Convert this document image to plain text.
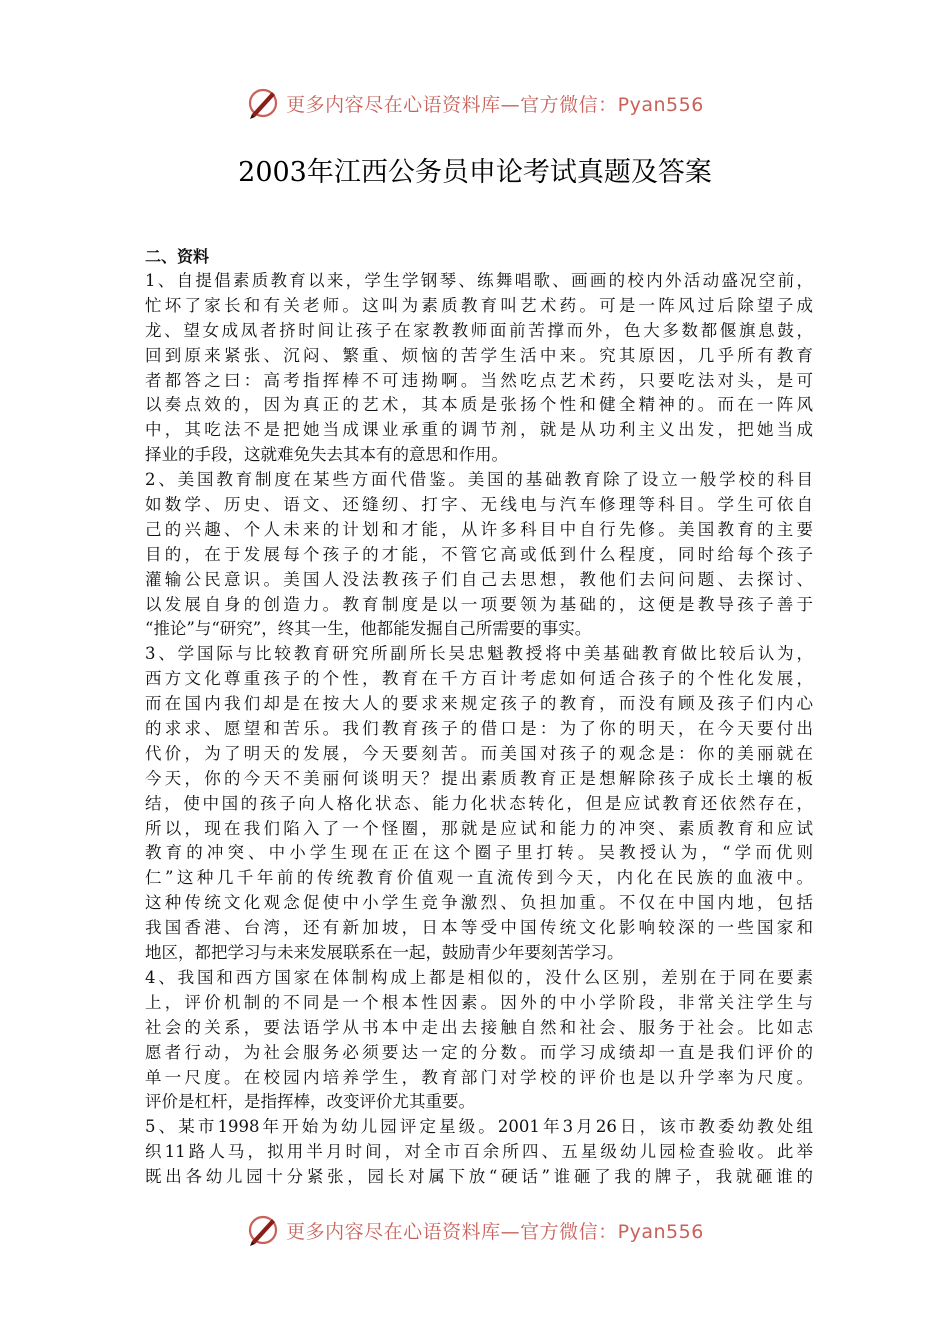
更多内容尽在心语资料库—官方微信：Pyan556
2003年江西公务员申论考试真题及答案
二、资料
1、自提倡素质教育以来，学生学钢琴、练舞唱歌、画画的校内外活动盛况空前，
忙坏了家长和有关老师。这叫为素质教育叫艺术药。可是一阵风过后除望子成
龙、望女成凤者挤时间让孩子在家教教师面前苦撑而外，色大多数都偃旗息鼓，
回到原来紧张、沉闷、繁重、烦恼的苦学生活中来。究其原因，几乎所有教育
者都答之曰：高考指挥棒不可违拗啊。当然吃点艺术药，只要吃法对头，是可
以奏点效的，因为真正的艺术，其本质是张扬个性和健全精神的。而在一阵风
中，其吃法不是把她当成课业承重的调节剂，就是从功利主义出发，把她当成
择业的手段，这就难免失去其本有的意思和作用。
2、美国教育制度在某些方面代借鉴。美国的基础教育除了设立一般学校的科目
如数学、历史、语文、还缝纫、打字、无线电与汽车修理等科目。学生可依自
己的兴趣、个人未来的计划和才能，从许多科目中自行先修。美国教育的主要
目的，在于发展每个孩子的才能，不管它高或低到什么程度，同时给每个孩子
灌输公民意识。美国人没法教孩子们自己去思想，教他们去问问题、去探讨、
以发展自身的创造力。教育制度是以一项要领为基础的，这便是教导孩子善于
“推论”与“研究”，终其一生，他都能发掘自己所需要的事实。
3、学国际与比较教育研究所副所长吴忠魁教授将中美基础教育做比较后认为，
西方文化尊重孩子的个性，教育在千方百计考虑如何适合孩子的个性化发展，
而在国内我们却是在按大人的要求来规定孩子的教育，而没有顾及孩子们内心
的求求、愿望和苦乐。我们教育孩子的借口是：为了你的明天，在今天要付出
代价，为了明天的发展，今天要刻苦。而美国对孩子的观念是：你的美丽就在
今天，你的今天不美丽何谈明天？提出素质教育正是想解除孩子成长土壤的板
结，使中国的孩子向人格化状态、能力化状态转化，但是应试教育还依然存在，
所以，现在我们陷入了一个怪圈，那就是应试和能力的冲突、素质教育和应试
教育的冲突、中小学生现在正在这个圈子里打转。吴教授认为，“学而优则
仁”这种几千年前的传统教育价值观一直流传到今天，内化在民族的血液中。
这种传统文化观念促使中小学生竞争激烈、负担加重。不仅在中国内地，包括
我国香港、台湾，还有新加坡，日本等受中国传统文化影响较深的一些国家和
地区，都把学习与未来发展联系在一起，鼓励青少年要刻苦学习。
4、我国和西方国家在体制构成上都是相似的，没什么区别，差别在于同在要素
上，评价机制的不同是一个根本性因素。因外的中小学阶段，非常关注学生与
社会的关系，要法语学从书本中走出去接触自然和社会、服务于社会。比如志
愿者行动，为社会服务必须要达一定的分数。而学习成绩却一直是我们评价的
单一尺度。在校园内培养学生，教育部门对学校的评价也是以升学率为尺度。
评价是杠杆，是指挥棒，改变评价尤其重要。
5、某市1998年开始为幼儿园评定星级。2001年3月26日，该市教委幼教处组
织11路人马，拟用半月时间，对全市百余所四、五星级幼儿园检查验收。此举
既出各幼儿园十分紧张，园长对属下放“硬话”谁砸了我的牌子，我就砸谁的
更多内容尽在心语资料库—官方微信：Pyan556
